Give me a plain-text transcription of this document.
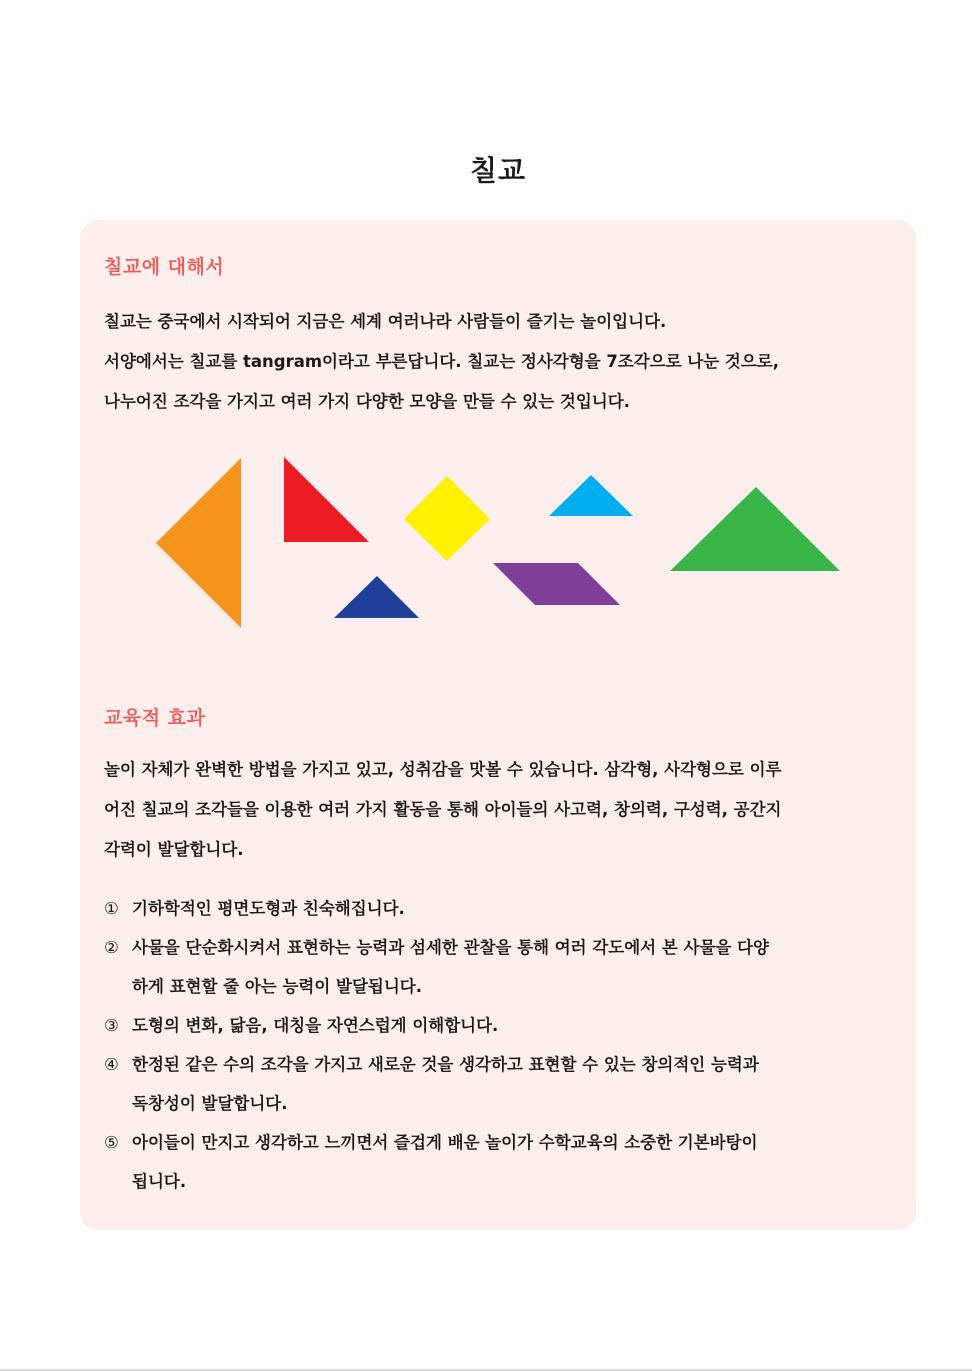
칠교
칠교에 대해서

칠교는 중국에서 시작되어 지금은 세계 여러나라 사람들이 즐기는 놀이입니다.
서양에서는 칠교를 tangram이라고 부른답니다. 칠교는 정사각형을 7조각으로 나눈 것으로,
나누어진 조각을 가지고 여러 가지 다양한 모양을 만들 수 있는 것입니다.

교육적 효과

놀이 자체가 완벽한 방법을 가지고 있고, 성취감을 맛볼 수 있습니다. 삼각형, 사각형으로 이루
어진 칠교의 조각들을 이용한 여러 가지 활동을 통해 아이들의 사고력, 창의력, 구성력, 공간지
각력이 발달합니다.

① 기하학적인 평면도형과 친숙해집니다.
② 사물을 단순화시켜서 표현하는 능력과 섬세한 관찰을 통해 여러 각도에서 본 사물을 다양
하게 표현할 줄 아는 능력이 발달됩니다.
③ 도형의 변화, 닮음, 대칭을 자연스럽게 이해합니다.
④ 한정된 같은 수의 조각을 가지고 새로운 것을 생각하고 표현할 수 있는 창의적인 능력과
독창성이 발달합니다.
⑤ 아이들이 만지고 생각하고 느끼면서 즐겁게 배운 놀이가 수학교육의 소중한 기본바탕이
됩니다.
